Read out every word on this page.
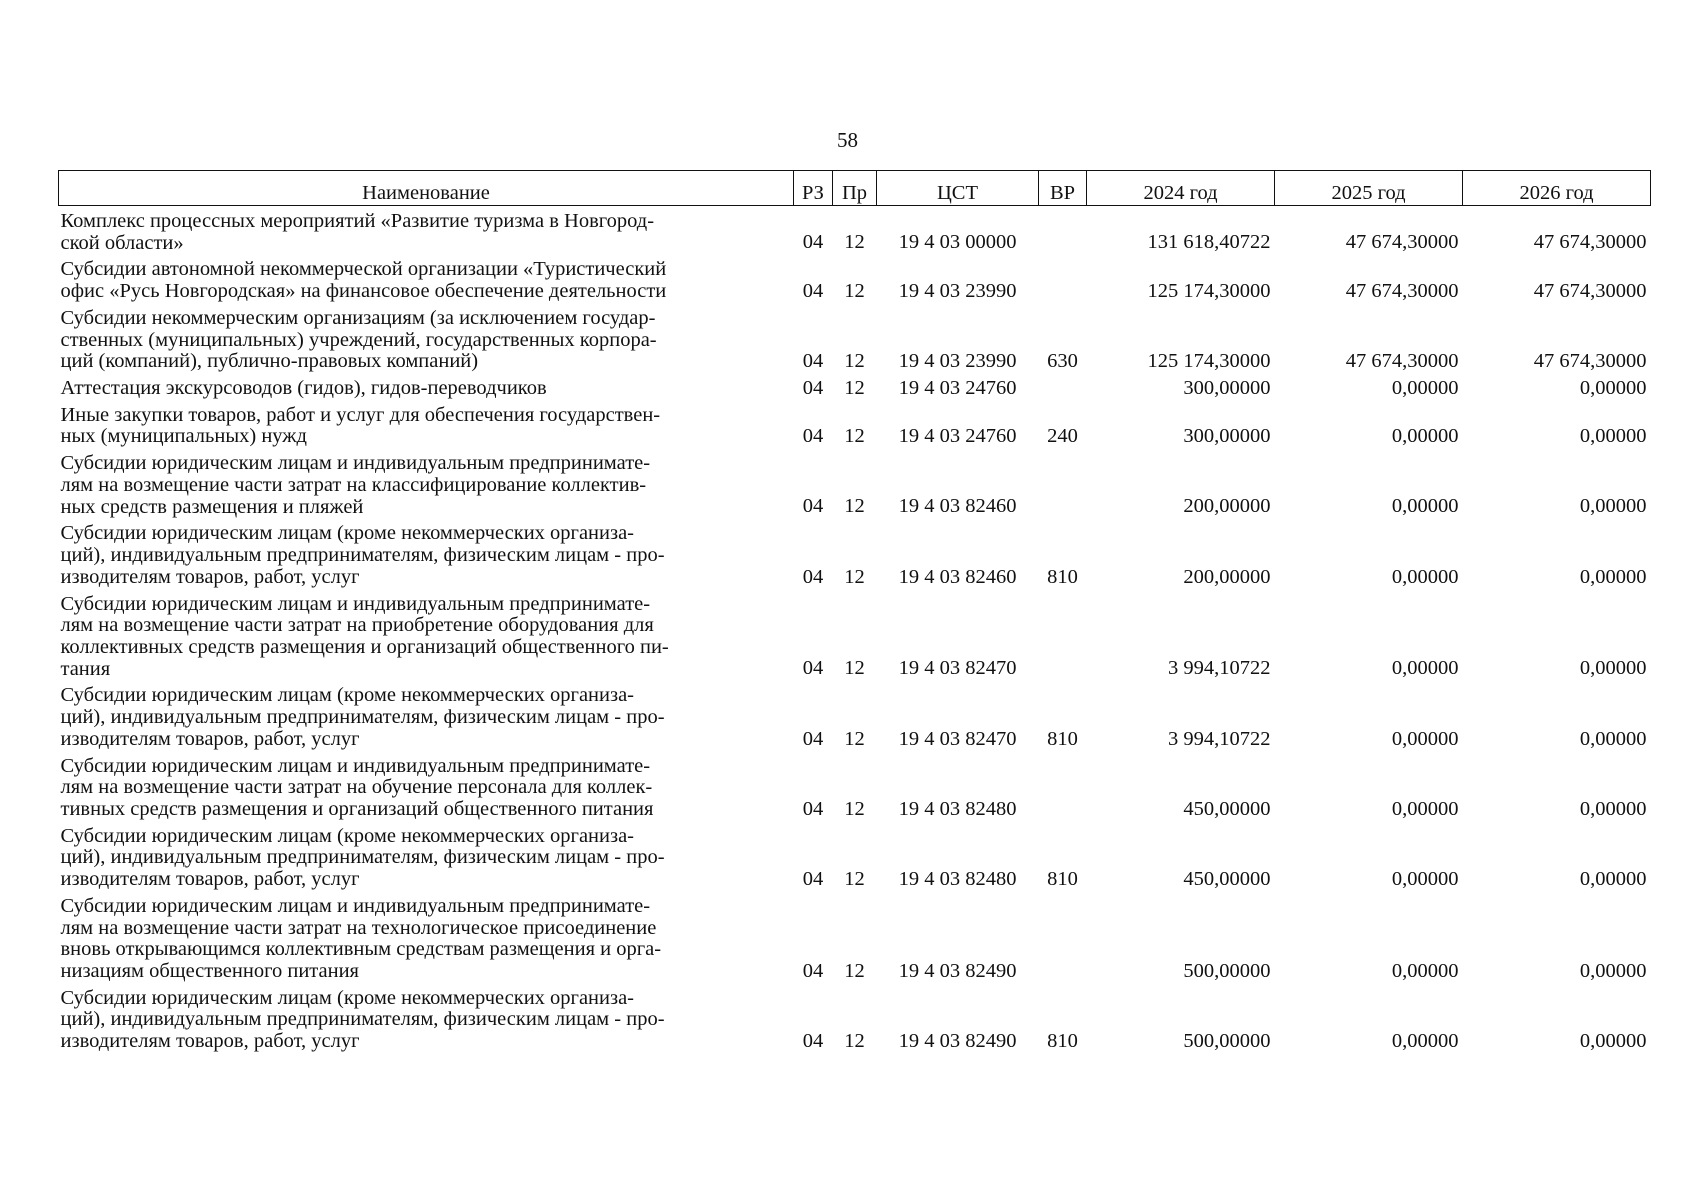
58
Наименование	РЗ	Пр	ЦСТ	ВР	2024 год	2025 год	2026 год
Комплекс процессных мероприятий «Развитие туризма в Новгород-
ской области»	04	12	19 4 03 00000		131 618,40722	47 674,30000	47 674,30000
Субсидии автономной некоммерческой организации «Туристический
офис «Русь Новгородская» на финансовое обеспечение деятельности	04	12	19 4 03 23990		125 174,30000	47 674,30000	47 674,30000
Субсидии некоммерческим организациям (за исключением государ-
ственных (муниципальных) учреждений, государственных корпора-
ций (компаний), публично-правовых компаний)	04	12	19 4 03 23990	630	125 174,30000	47 674,30000	47 674,30000
Аттестация экскурсоводов (гидов), гидов-переводчиков	04	12	19 4 03 24760		300,00000	0,00000	0,00000
Иные закупки товаров, работ и услуг для обеспечения государствен-
ных (муниципальных) нужд	04	12	19 4 03 24760	240	300,00000	0,00000	0,00000
Субсидии юридическим лицам и индивидуальным предпринимате-
лям на возмещение части затрат на классифицирование коллектив-
ных средств размещения и пляжей	04	12	19 4 03 82460		200,00000	0,00000	0,00000
Субсидии юридическим лицам (кроме некоммерческих организа-
ций), индивидуальным предпринимателям, физическим лицам - про-
изводителям товаров, работ, услуг	04	12	19 4 03 82460	810	200,00000	0,00000	0,00000
Субсидии юридическим лицам и индивидуальным предпринимате-
лям на возмещение части затрат на приобретение оборудования для
коллективных средств размещения и организаций общественного пи-
тания	04	12	19 4 03 82470		3 994,10722	0,00000	0,00000
Субсидии юридическим лицам (кроме некоммерческих организа-
ций), индивидуальным предпринимателям, физическим лицам - про-
изводителям товаров, работ, услуг	04	12	19 4 03 82470	810	3 994,10722	0,00000	0,00000
Субсидии юридическим лицам и индивидуальным предпринимате-
лям на возмещение части затрат на обучение персонала для коллек-
тивных средств размещения и организаций общественного питания	04	12	19 4 03 82480		450,00000	0,00000	0,00000
Субсидии юридическим лицам (кроме некоммерческих организа-
ций), индивидуальным предпринимателям, физическим лицам - про-
изводителям товаров, работ, услуг	04	12	19 4 03 82480	810	450,00000	0,00000	0,00000
Субсидии юридическим лицам и индивидуальным предпринимате-
лям на возмещение части затрат на технологическое присоединение
вновь открывающимся коллективным средствам размещения и орга-
низациям общественного питания	04	12	19 4 03 82490		500,00000	0,00000	0,00000
Субсидии юридическим лицам (кроме некоммерческих организа-
ций), индивидуальным предпринимателям, физическим лицам - про-
изводителям товаров, работ, услуг	04	12	19 4 03 82490	810	500,00000	0,00000	0,00000
